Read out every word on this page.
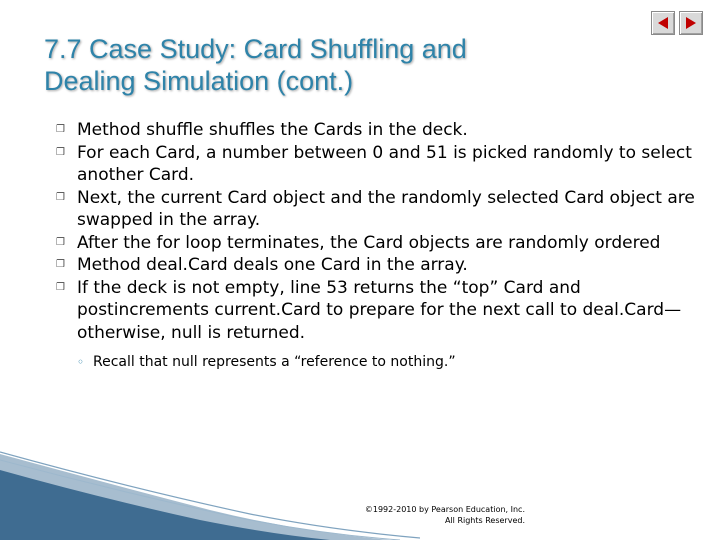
7.7 Case Study: Card Shuffling and
Dealing Simulation (cont.)
❒ Method shuffle shuffles the Cards in the deck.
❒ For each Card, a number between 0 and 51 is picked randomly to select another Card.
❒ Next, the current Card object and the randomly selected Card object are swapped in the array.
❒ After the for loop terminates, the Card objects are randomly ordered
❒ Method deal.Card deals one Card in the array.
❒ If the deck is not empty, line 53 returns the “top” Card and postincrements current.Card to prepare for the next call to deal.Card—otherwise, null is returned.
◦ Recall that null represents a “reference to nothing.”
©1992-2010 by Pearson Education, Inc.
All Rights Reserved.
